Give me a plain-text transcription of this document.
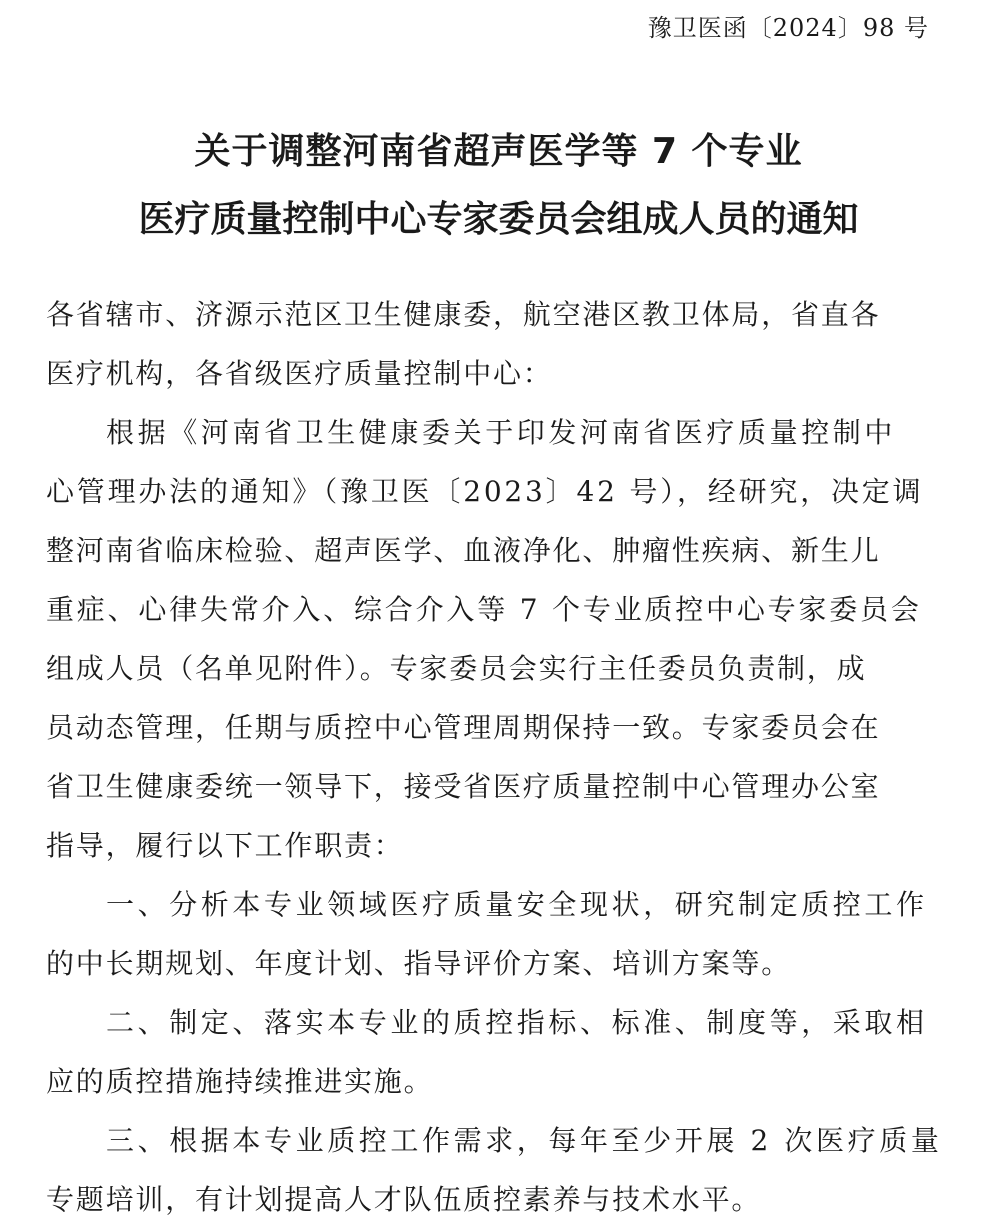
豫卫医函〔2024〕98 号
关于调整河南省超声医学等 7 个专业
医疗质量控制中心专家委员会组成人员的通知
各省辖市、济源示范区卫生健康委，航空港区教卫体局，省直各
医疗机构，各省级医疗质量控制中心：
根据《河南省卫生健康委关于印发河南省医疗质量控制中
心管理办法的通知》（豫卫医〔2023〕42 号），经研究，决定调
整河南省临床检验、超声医学、血液净化、肿瘤性疾病、新生儿
重症、心律失常介入、综合介入等 7 个专业质控中心专家委员会
组成人员（名单见附件）。专家委员会实行主任委员负责制，成
员动态管理，任期与质控中心管理周期保持一致。专家委员会在
省卫生健康委统一领导下，接受省医疗质量控制中心管理办公室
指导，履行以下工作职责：
一、分析本专业领域医疗质量安全现状，研究制定质控工作
的中长期规划、年度计划、指导评价方案、培训方案等。
二、制定、落实本专业的质控指标、标准、制度等，采取相
应的质控措施持续推进实施。
三、根据本专业质控工作需求，每年至少开展 2 次医疗质量
专题培训，有计划提高人才队伍质控素养与技术水平。
